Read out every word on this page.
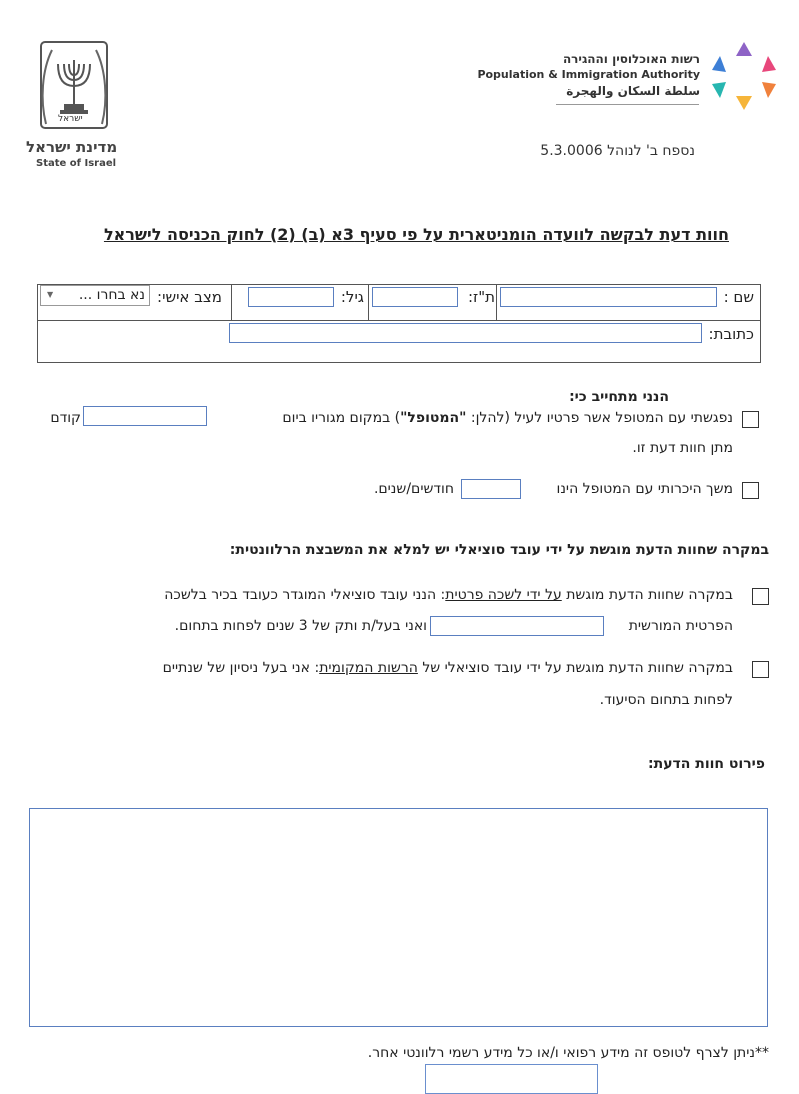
ישראל
מדינת ישראל
State of Israel
רשות האוכלוסין וההגירה
Population & Immigration Authority
سلطة السكان والهجرة
נספח ב' לנוהל 5.3.0006
חוות דעת לבקשה לוועדה הומניטארית על פי סעיף 3א (ב) (2) לחוק הכניסה לישראל
שם :
ת"ז:
גיל:
מצב אישי:
▼ נא בחרו ...
כתובת:
הנני מתחייב כי:
נפגשתי עם המטופל אשר פרטיו לעיל (להלן: "המטופל") במקום מגוריו ביום
קודם
מתן חוות דעת זו.
משך היכרותי עם המטופל הינו
חודשים/שנים.
במקרה שחוות הדעת מוגשת על ידי עובד סוציאלי יש למלא את המשבצת הרלוונטית:
במקרה שחוות הדעת מוגשת על ידי לשכה פרטית: הנני עובד סוציאלי המוגדר כעובד בכיר בלשכה
הפרטית המורשית
ואני בעל/ת ותק של 3 שנים לפחות בתחום.
במקרה שחוות הדעת מוגשת על ידי עובד סוציאלי של הרשות המקומית: אני בעל ניסיון של שנתיים
לפחות בתחום הסיעוד.
פירוט חוות הדעת:
**ניתן לצרף לטופס זה מידע רפואי ו/או כל מידע רשמי רלוונטי אחר.
